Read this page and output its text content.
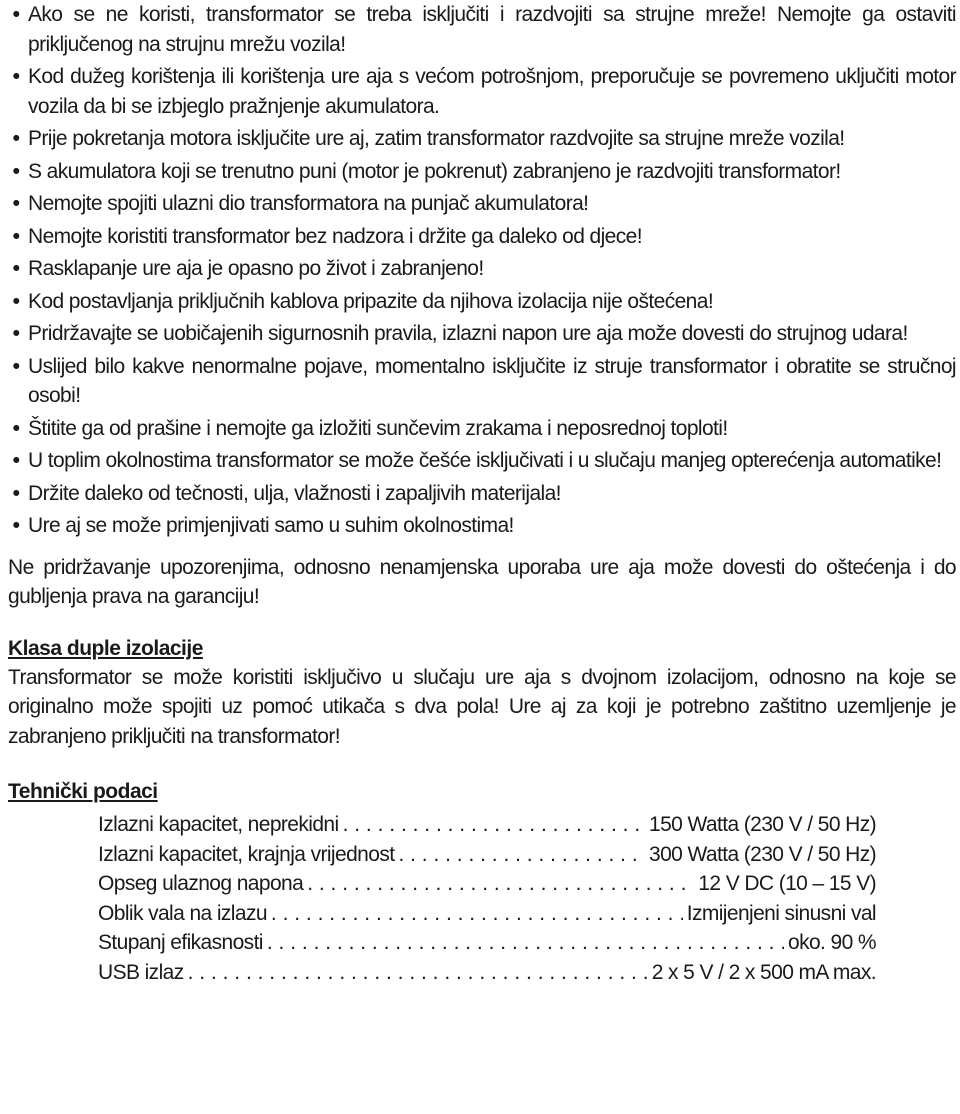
• Ako se ne koristi, transformator se treba isključiti i razdvojiti sa strujne mreže! Nemojte ga ostaviti priključenog na strujnu mrežu vozila!
• Kod dužeg korištenja ili korištenja ure aja s većom potrošnjom, preporučuje se povremeno uključiti motor vozila da bi se izbjeglo pražnjenje akumulatora.
• Prije pokretanja motora isključite ure aj, zatim transformator razdvojite sa strujne mreže vozila!
• S akumulatora koji se trenutno puni (motor je pokrenut) zabranjeno je razdvojiti transformator!
• Nemojte spojiti ulazni dio transformatora na punjač akumulatora!
• Nemojte koristiti transformator bez nadzora i držite ga daleko od djece!
• Rasklapanje ure aja je opasno po život i zabranjeno!
• Kod postavljanja priključnih kablova pripazite da njihova izolacija nije oštećena!
• Pridržavajte se uobičajenih sigurnosnih pravila, izlazni napon ure aja može dovesti do strujnog udara!
• Uslijed bilo kakve nenormalne pojave, momentalno isključite iz struje transformator i obratite se stručnoj osobi!
• Štitite ga od prašine i nemojte ga izložiti sunčevim zrakama i neposrednoj toploti!
• U toplim okolnostima transformator se može češće isključivati i u slučaju manjeg opterećenja automatike!
• Držite daleko od tečnosti, ulja, vlažnosti i zapaljivih materijala!
• Ure aj se može primjenjivati samo u suhim okolnostima!

Ne pridržavanje upozorenjima, odnosno nenamjenska uporaba ure aja može dovesti do oštećenja i do gubljenja prava na garanciju!

Klasa duple izolacije

Transformator se može koristiti isključivo u slučaju ure aja s dvojnom izolacijom, odnosno na koje se originalno može spojiti uz pomoć utikača s dva pola! Ure aj za koji je potrebno zaštitno uzemljenje je zabranjeno priključiti na transformator!

Tehnički podaci
Izlazni kapacitet, neprekidni . . .	150 Watta (230 V / 50 Hz)
Izlazni kapacitet, krajnja vrijednost . . .	300 Watta (230 V / 50 Hz)
Opseg ulaznog napona . . .	12 V DC (10 – 15 V)
Oblik vala na izlazu . . .	Izmijenjeni sinusni val
Stupanj efikasnosti . . .	oko. 90 %
USB izlaz . . .	2 x 5 V / 2 x 500 mA max.
